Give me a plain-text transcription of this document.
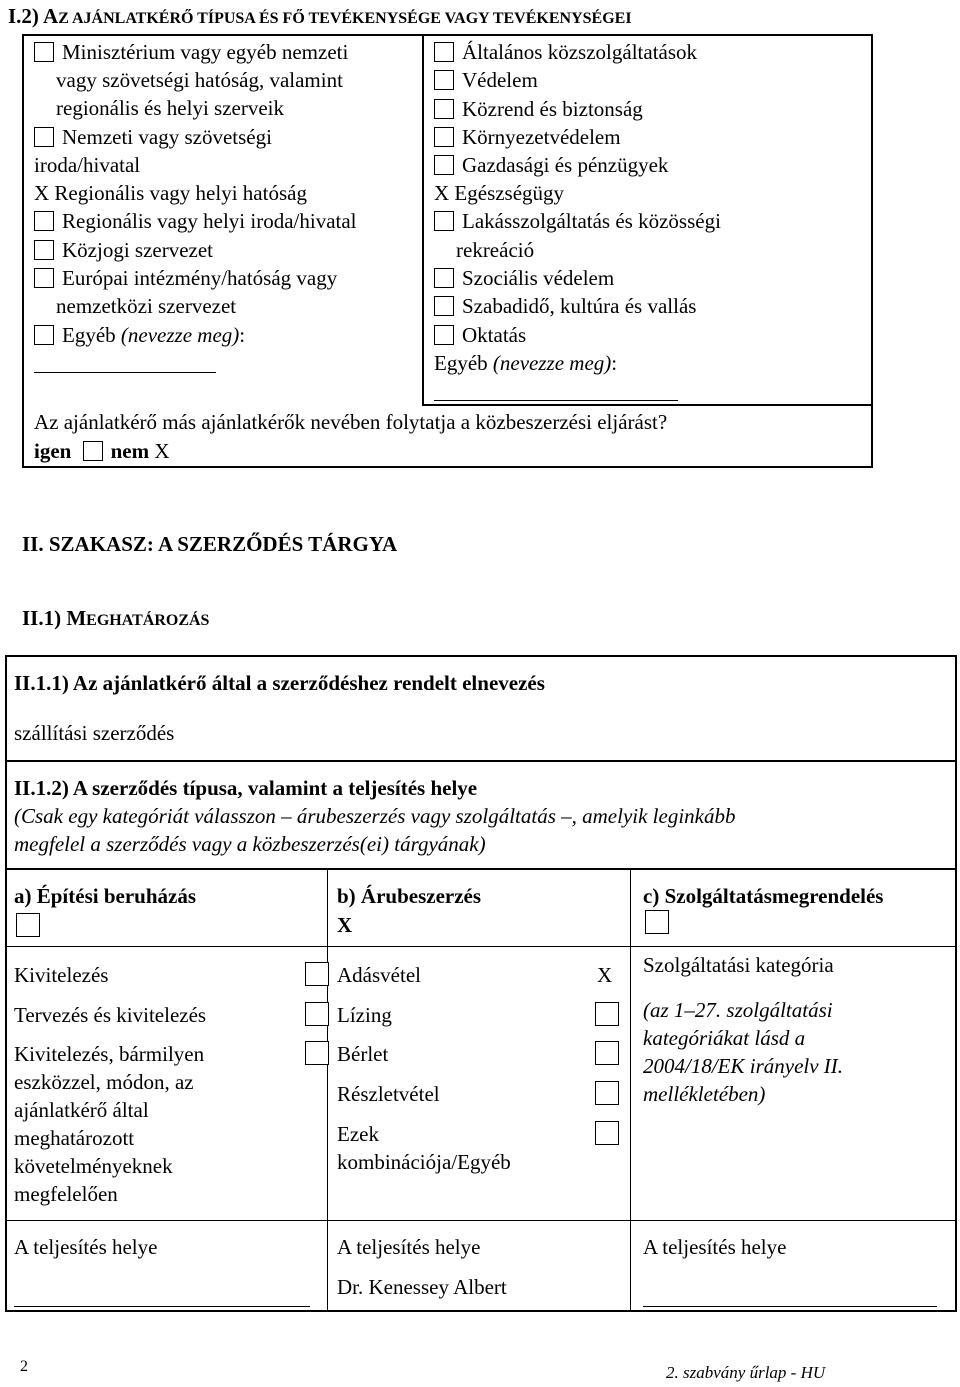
I.2) AZ AJÁNLATKÉRŐ TÍPUSA ÉS FŐ TEVÉKENYSÉGE VAGY TEVÉKENYSÉGEI
Minisztérium vagy egyéb nemzeti
vagy szövetségi hatóság, valamint
regionális és helyi szerveik
Nemzeti vagy szövetségi
iroda/hivatal
X Regionális vagy helyi hatóság
Regionális vagy helyi iroda/hivatal
Közjogi szervezet
Európai intézmény/hatóság vagy
nemzetközi szervezet
Egyéb (nevezze meg):
Általános közszolgáltatások
Védelem
Közrend és biztonság
Környezetvédelem
Gazdasági és pénzügyek
X Egészségügy
Lakásszolgáltatás és közösségi
rekreáció
Szociális védelem
Szabadidő, kultúra és vallás
Oktatás
Egyéb (nevezze meg):
Az ajánlatkérő más ajánlatkérők nevében folytatja a közbeszerzési eljárást?
igen nem X
II. SZAKASZ: A SZERZŐDÉS TÁRGYA
II.1) MEGHATÁROZÁS
II.1.1) Az ajánlatkérő által a szerződéshez rendelt elnevezés
szállítási szerződés
II.1.2) A szerződés típusa, valamint a teljesítés helye
(Csak egy kategóriát válasszon – árubeszerzés vagy szolgáltatás –, amelyik leginkább
megfelel a szerződés vagy a közbeszerzés(ei) tárgyának)
a) Építési beruházás
Kivitelezés
Tervezés és kivitelezés
Kivitelezés, bármilyen
eszközzel, módon, az
ajánlatkérő által
meghatározott
követelményeknek
megfelelően
A teljesítés helye
b) Árubeszerzés
X
Adásvétel	X
Lízing
Bérlet
Részletvétel
Ezek
kombinációja/Egyéb
A teljesítés helye
Dr. Kenessey Albert
c) Szolgáltatásmegrendelés
Szolgáltatási kategória
(az 1–27. szolgáltatási
kategóriákat lásd a
2004/18/EK irányelv II.
mellékletében)
A teljesítés helye
2	2. szabvány űrlap - HU
